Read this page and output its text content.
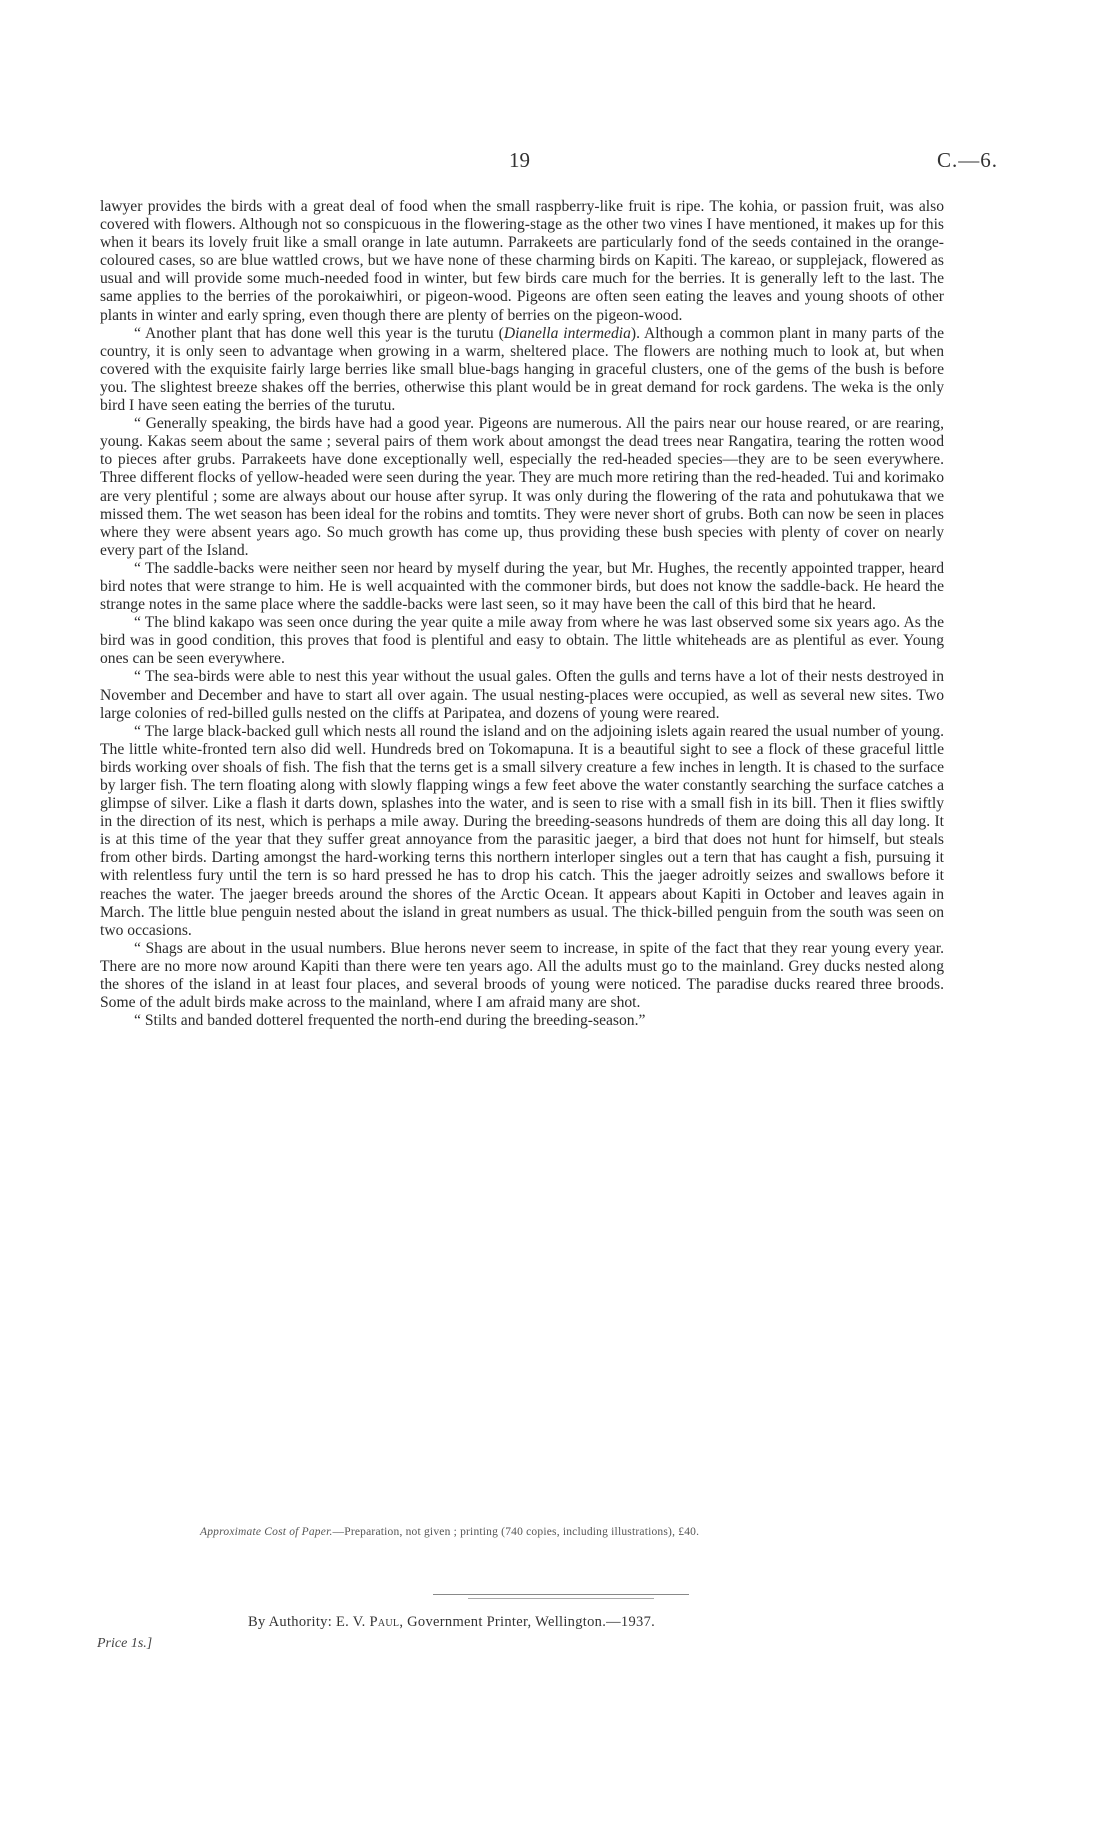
19	C.—6.

lawyer provides the birds with a great deal of food when the small raspberry-like fruit is ripe. The kohia, or passion fruit, was also covered with flowers. Although not so conspicuous in the flowering-stage as the other two vines I have mentioned, it makes up for this when it bears its lovely fruit like a small orange in late autumn. Parrakeets are particularly fond of the seeds contained in the orange-coloured cases, so are blue wattled crows, but we have none of these charming birds on Kapiti. The kareao, or supplejack, flowered as usual and will provide some much-needed food in winter, but few birds care much for the berries. It is generally left to the last. The same applies to the berries of the porokaiwhiri, or pigeon-wood. Pigeons are often seen eating the leaves and young shoots of other plants in winter and early spring, even though there are plenty of berries on the pigeon-wood.

“ Another plant that has done well this year is the turutu (Dianella intermedia). Although a common plant in many parts of the country, it is only seen to advantage when growing in a warm, sheltered place. The flowers are nothing much to look at, but when covered with the exquisite fairly large berries like small blue-bags hanging in graceful clusters, one of the gems of the bush is before you. The slightest breeze shakes off the berries, otherwise this plant would be in great demand for rock gardens. The weka is the only bird I have seen eating the berries of the turutu.

“ Generally speaking, the birds have had a good year. Pigeons are numerous. All the pairs near our house reared, or are rearing, young. Kakas seem about the same ; several pairs of them work about amongst the dead trees near Rangatira, tearing the rotten wood to pieces after grubs. Parrakeets have done exceptionally well, especially the red-headed species—they are to be seen everywhere. Three different flocks of yellow-headed were seen during the year. They are much more retiring than the red-headed. Tui and korimako are very plentiful ; some are always about our house after syrup. It was only during the flowering of the rata and pohutukawa that we missed them. The wet season has been ideal for the robins and tomtits. They were never short of grubs. Both can now be seen in places where they were absent years ago. So much growth has come up, thus providing these bush species with plenty of cover on nearly every part of the Island.

“ The saddle-backs were neither seen nor heard by myself during the year, but Mr. Hughes, the recently appointed trapper, heard bird notes that were strange to him. He is well acquainted with the commoner birds, but does not know the saddle-back. He heard the strange notes in the same place where the saddle-backs were last seen, so it may have been the call of this bird that he heard.

“ The blind kakapo was seen once during the year quite a mile away from where he was last observed some six years ago. As the bird was in good condition, this proves that food is plentiful and easy to obtain. The little whiteheads are as plentiful as ever. Young ones can be seen everywhere.

“ The sea-birds were able to nest this year without the usual gales. Often the gulls and terns have a lot of their nests destroyed in November and December and have to start all over again. The usual nesting-places were occupied, as well as several new sites. Two large colonies of red-billed gulls nested on the cliffs at Paripatea, and dozens of young were reared.

“ The large black-backed gull which nests all round the island and on the adjoining islets again reared the usual number of young. The little white-fronted tern also did well. Hundreds bred on Tokomapuna. It is a beautiful sight to see a flock of these graceful little birds working over shoals of fish. The fish that the terns get is a small silvery creature a few inches in length. It is chased to the surface by larger fish. The tern floating along with slowly flapping wings a few feet above the water constantly searching the surface catches a glimpse of silver. Like a flash it darts down, splashes into the water, and is seen to rise with a small fish in its bill. Then it flies swiftly in the direction of its nest, which is perhaps a mile away. During the breeding-seasons hundreds of them are doing this all day long. It is at this time of the year that they suffer great annoyance from the parasitic jaeger, a bird that does not hunt for himself, but steals from other birds. Darting amongst the hard-working terns this northern interloper singles out a tern that has caught a fish, pursuing it with relentless fury until the tern is so hard pressed he has to drop his catch. This the jaeger adroitly seizes and swallows before it reaches the water. The jaeger breeds around the shores of the Arctic Ocean. It appears about Kapiti in October and leaves again in March. The little blue penguin nested about the island in great numbers as usual. The thick-billed penguin from the south was seen on two occasions.

“ Shags are about in the usual numbers. Blue herons never seem to increase, in spite of the fact that they rear young every year. There are no more now around Kapiti than there were ten years ago. All the adults must go to the mainland. Grey ducks nested along the shores of the island in at least four places, and several broods of young were noticed. The paradise ducks reared three broods. Some of the adult birds make across to the mainland, where I am afraid many are shot.

“ Stilts and banded dotterel frequented the north-end during the breeding-season.”

Approximate Cost of Paper.—Preparation, not given ; printing (740 copies, including illustrations), £40.
By Authority: E. V. Paul, Government Printer, Wellington.—1937.
Price 1s.]
